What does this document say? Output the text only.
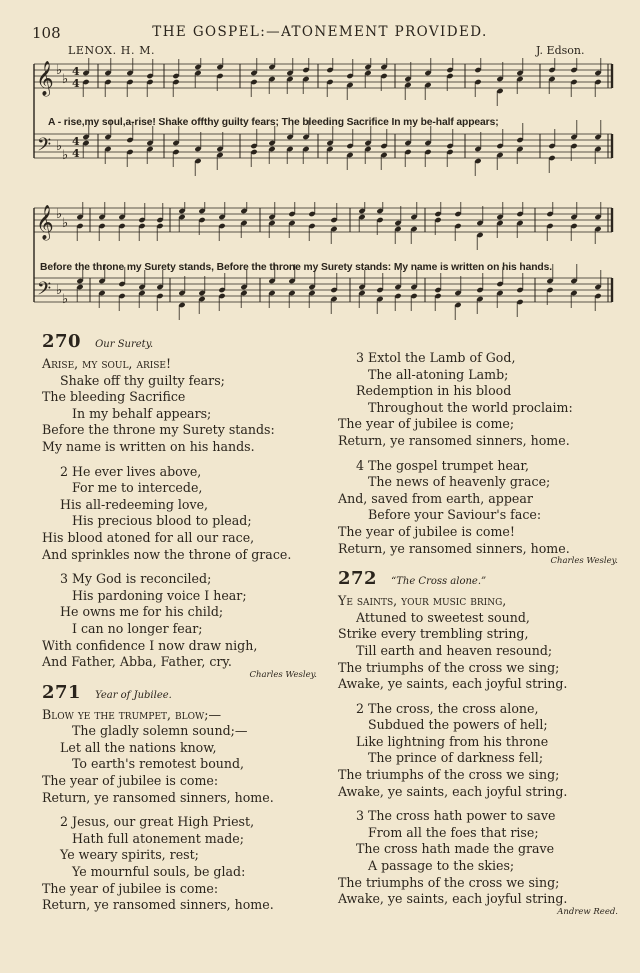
108	THE GOSPEL:—ATONEMENT PROVIDED.
LENOX. H. M.	J. Edson.
𝄞
𝄢
♭
♭
4
4
♭
♭
4
4
A - rise,my soul,a-rise! Shake offthy guilty fears; The bleeding Sacrifice In my be-half appears;
𝄞
𝄢
♭
♭
♭
♭
Before the throne my Surety stands, Before the throne my Surety stands: My name is written on his hands.
270 Our Surety.
Arise, my soul, arise!
Shake off thy guilty fears;
The bleeding Sacrifice
In my behalf appears;
Before the throne my Surety stands:
My name is written on his hands.
2 He ever lives above,
For me to intercede,
His all-redeeming love,
His precious blood to plead;
His blood atoned for all our race,
And sprinkles now the throne of grace.
3 My God is reconciled;
His pardoning voice I hear;
He owns me for his child;
I can no longer fear;
With confidence I now draw nigh,
And Father, Abba, Father, cry.
Charles Wesley.
271 Year of Jubilee.
Blow ye the trumpet, blow;—
The gladly solemn sound;—
Let all the nations know,
To earth's remotest bound,
The year of jubilee is come:
Return, ye ransomed sinners, home.
2 Jesus, our great High Priest,
Hath full atonement made;
Ye weary spirits, rest;
Ye mournful souls, be glad:
The year of jubilee is come:
Return, ye ransomed sinners, home.
3 Extol the Lamb of God,
The all-atoning Lamb;
Redemption in his blood
Throughout the world proclaim:
The year of jubilee is come;
Return, ye ransomed sinners, home.
4 The gospel trumpet hear,
The news of heavenly grace;
And, saved from earth, appear
Before your Saviour's face:
The year of jubilee is come!
Return, ye ransomed sinners, home.
Charles Wesley.
272 “The Cross alone.”
Ye saints, your music bring,
Attuned to sweetest sound,
Strike every trembling string,
Till earth and heaven resound;
The triumphs of the cross we sing;
Awake, ye saints, each joyful string.
2 The cross, the cross alone,
Subdued the powers of hell;
Like lightning from his throne
The prince of darkness fell;
The triumphs of the cross we sing;
Awake, ye saints, each joyful string.
3 The cross hath power to save
From all the foes that rise;
The cross hath made the grave
A passage to the skies;
The triumphs of the cross we sing;
Awake, ye saints, each joyful string.
Andrew Reed.
